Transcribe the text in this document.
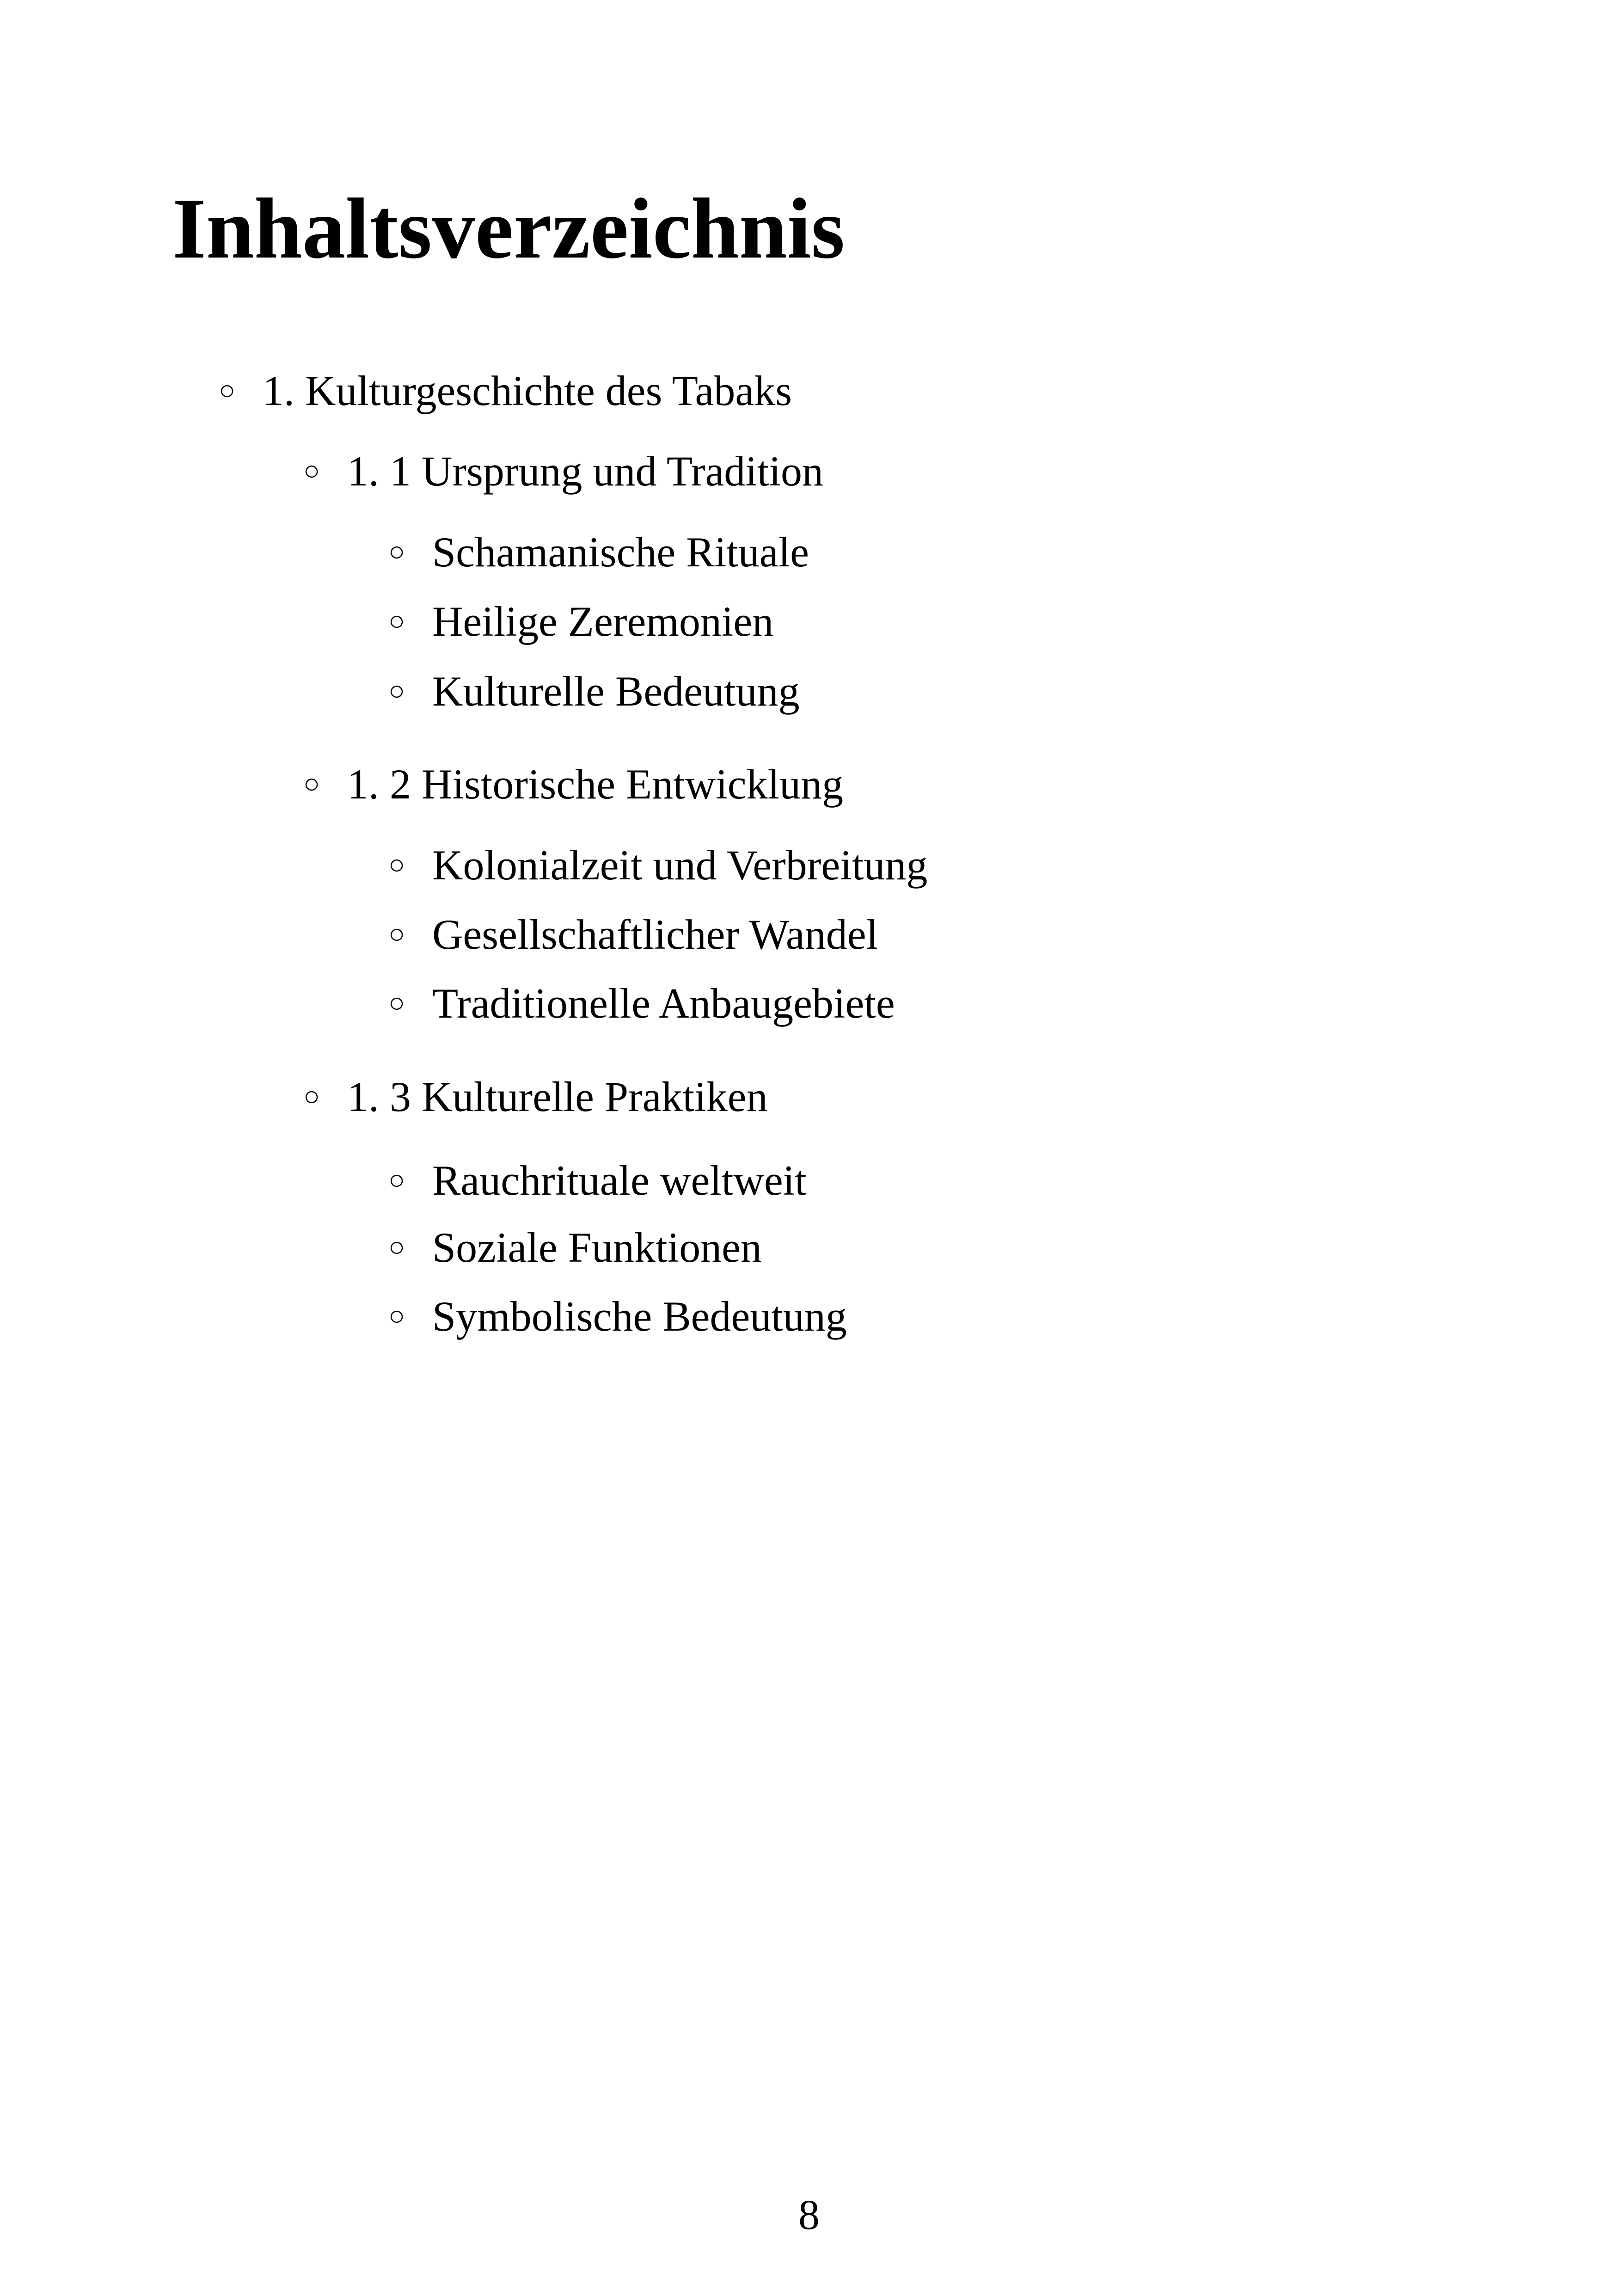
Inhaltsverzeichnis
○ 1. Kulturgeschichte des Tabaks
○ 1. 1 Ursprung und Tradition
○ Schamanische Rituale
○ Heilige Zeremonien
○ Kulturelle Bedeutung
○ 1. 2 Historische Entwicklung
○ Kolonialzeit und Verbreitung
○ Gesellschaftlicher Wandel
○ Traditionelle Anbaugebiete
○ 1. 3 Kulturelle Praktiken
○ Rauchrituale weltweit
○ Soziale Funktionen
○ Symbolische Bedeutung
8
